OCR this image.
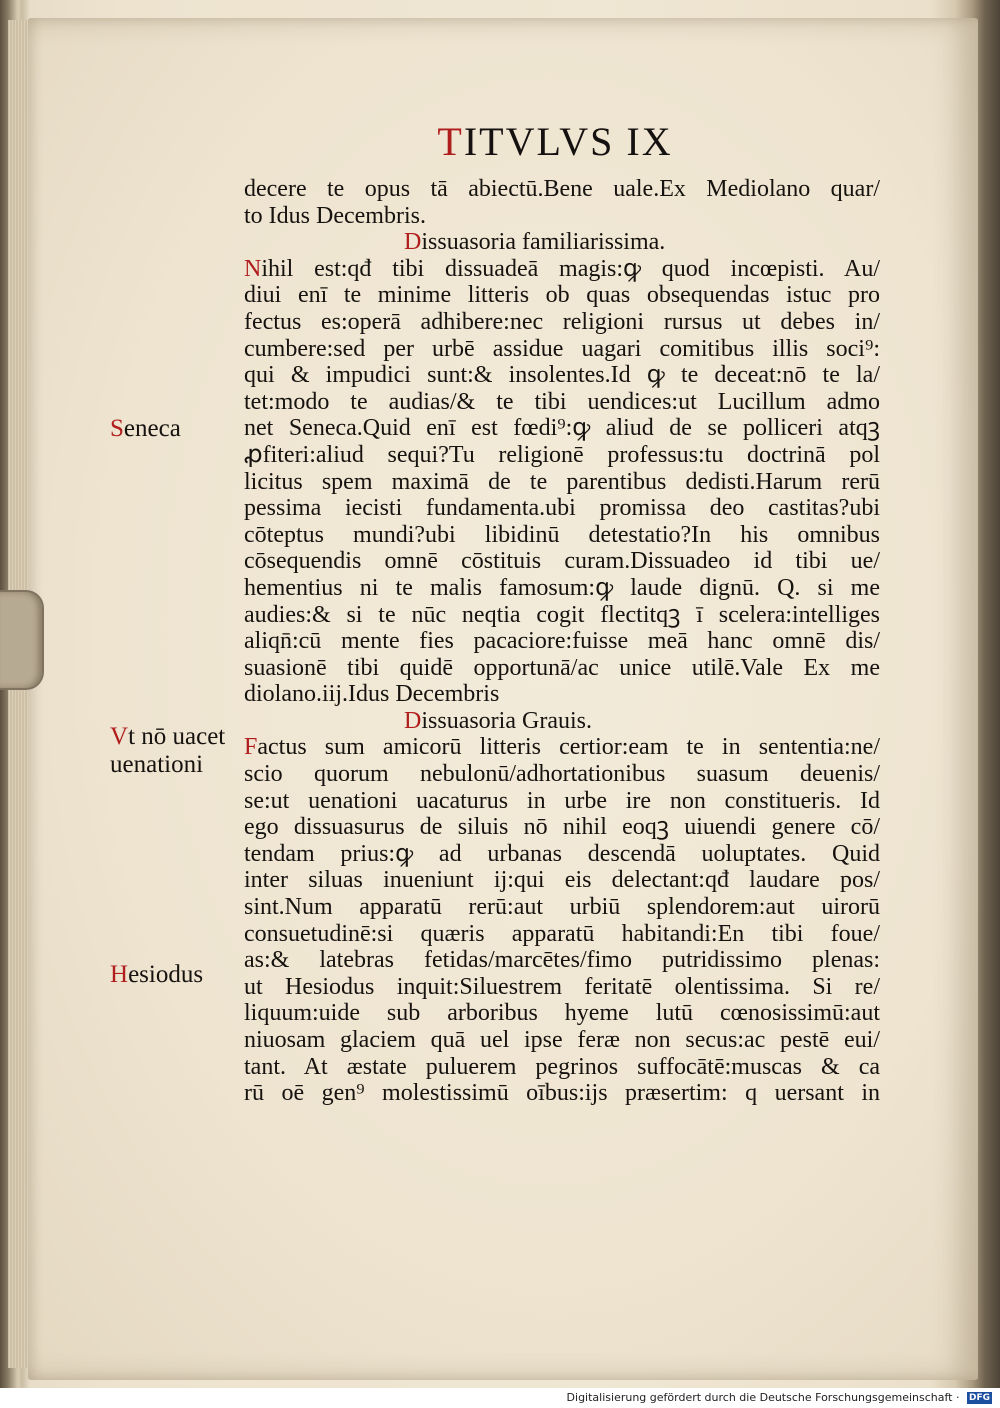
TITVLVS IX
Seneca
Vt nō uacet
uenationi
Hesiodus
decere te opus tā abiectū.Bene uale.Ex Mediolano quar/
to Idus Decembris.
Dissuasoria familiarissima.
Nihil est:qđ tibi dissuadeā magis:ꝙ quod incœpisti. Au/
diui enī te minime litteris ob quas obsequendas istuc pro
fectus es:operā adhibere:nec religioni rursus ut debes in/
cumbere:sed per urbē assidue uagari comitibus illis soci⁹:
qui & impudici sunt:& insolentes.Id ꝙ te deceat:nō te la/
tet:modo te audias/& te tibi uendices:ut Lucillum admo
net Seneca.Quid enī est fœdi⁹:ꝙ aliud de se polliceri atqꝫ
ꝓfiteri:aliud sequi?Tu religionē professus:tu doctrinā pol
licitus spem maximā de te parentibus dedisti.Harum rerū
pessima iecisti fundamenta.ubi promissa deo castitas?ubi
cōteptus mundi?ubi libidinū detestatio?In his omnibus
cōsequendis omnē cōstituis curam.Dissuadeo id tibi ue/
hementius ni te malis famosum:ꝙ laude dignū. Q. si me
audies:& si te nūc neqtia cogit flectitqꝫ ī scelera:intelliges
aliqn̄:cū mente fies pacaciore:fuisse meā hanc omnē dis/
suasionē tibi quidē opportunā/ac unice utilē.Vale Ex me
diolano.iij.Idus Decembris
Dissuasoria Grauis.
Factus sum amicorū litteris certior:eam te in sententia:ne/
scio quorum nebulonū/adhortationibus suasum deuenis/
se:ut uenationi uacaturus in urbe ire non constitueris. Id
ego dissuasurus de siluis nō nihil eoqꝫ uiuendi genere cō/
tendam prius:ꝙ ad urbanas descendā uoluptates. Quid
inter siluas inueniunt ij:qui eis delectant:qđ laudare pos/
sint.Num apparatū rerū:aut urbiū splendorem:aut uirorū
consuetudinē:si quæris apparatū habitandi:En tibi foue/
as:& latebras fetidas/marcētes/fimo putridissimo plenas:
ut Hesiodus inquit:Siluestrem feritatē olentissima. Si re/
liquum:uide sub arboribus hyeme lutū cœnosissimū:aut
niuosam glaciem quā uel ipse feræ non secus:ac pestē eui/
tant. At æstate puluerem pegrinos suffocātē:muscas & ca
rū oē gen⁹ molestissimū oībus:ijs præsertim: q uersant in
Digitalisierung gefördert durch die Deutsche Forschungsgemeinschaft · DFG
